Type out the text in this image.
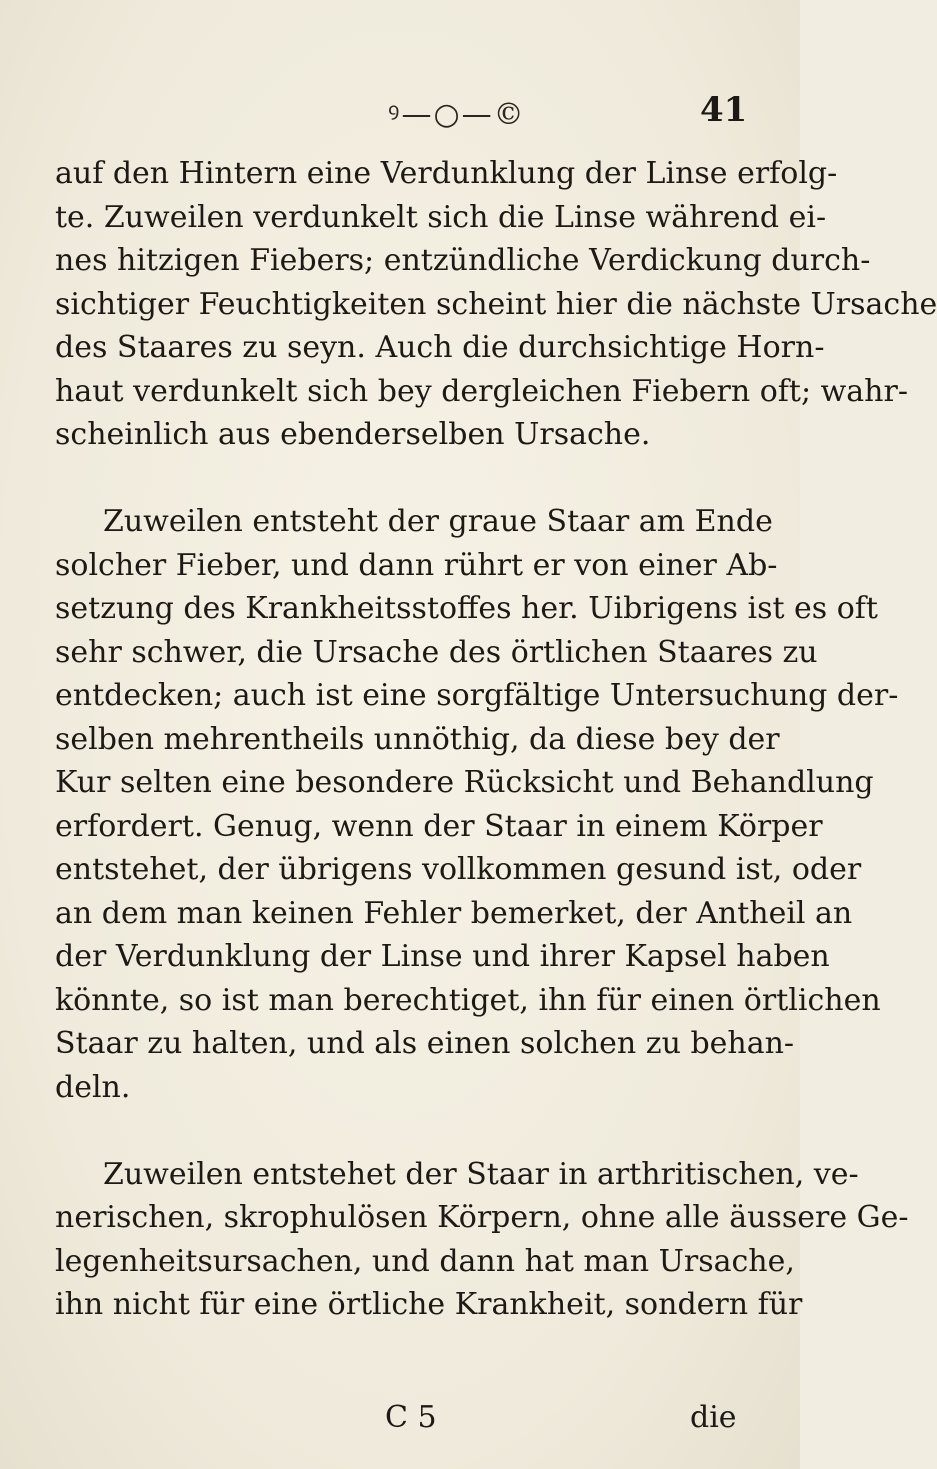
ꝰ—○—©	41
auf den Hintern eine Verdunklung der Linse erfolg-
te. Zuweilen verdunkelt sich die Linse während ei-
nes hitzigen Fiebers; entzündliche Verdickung durch-
sichtiger Feuchtigkeiten scheint hier die nächste Ursache
des Staares zu seyn. Auch die durchsichtige Horn-
haut verdunkelt sich bey dergleichen Fiebern oft; wahr-
scheinlich aus ebenderselben Ursache.
Zuweilen entsteht der graue Staar am Ende
solcher Fieber, und dann rührt er von einer Ab-
setzung des Krankheitsstoffes her. Uibrigens ist es oft
sehr schwer, die Ursache des örtlichen Staares zu
entdecken; auch ist eine sorgfältige Untersuchung der-
selben mehrentheils unnöthig, da diese bey der
Kur selten eine besondere Rücksicht und Behandlung
erfordert. Genug, wenn der Staar in einem Körper
entstehet, der übrigens vollkommen gesund ist, oder
an dem man keinen Fehler bemerket, der Antheil an
der Verdunklung der Linse und ihrer Kapsel haben
könnte, so ist man berechtiget, ihn für einen örtlichen
Staar zu halten, und als einen solchen zu behan-
deln.
Zuweilen entstehet der Staar in arthritischen, ve-
nerischen, skrophulösen Körpern, ohne alle äussere Ge-
legenheitsursachen, und dann hat man Ursache,
ihn nicht für eine örtliche Krankheit, sondern für
C 5	die
